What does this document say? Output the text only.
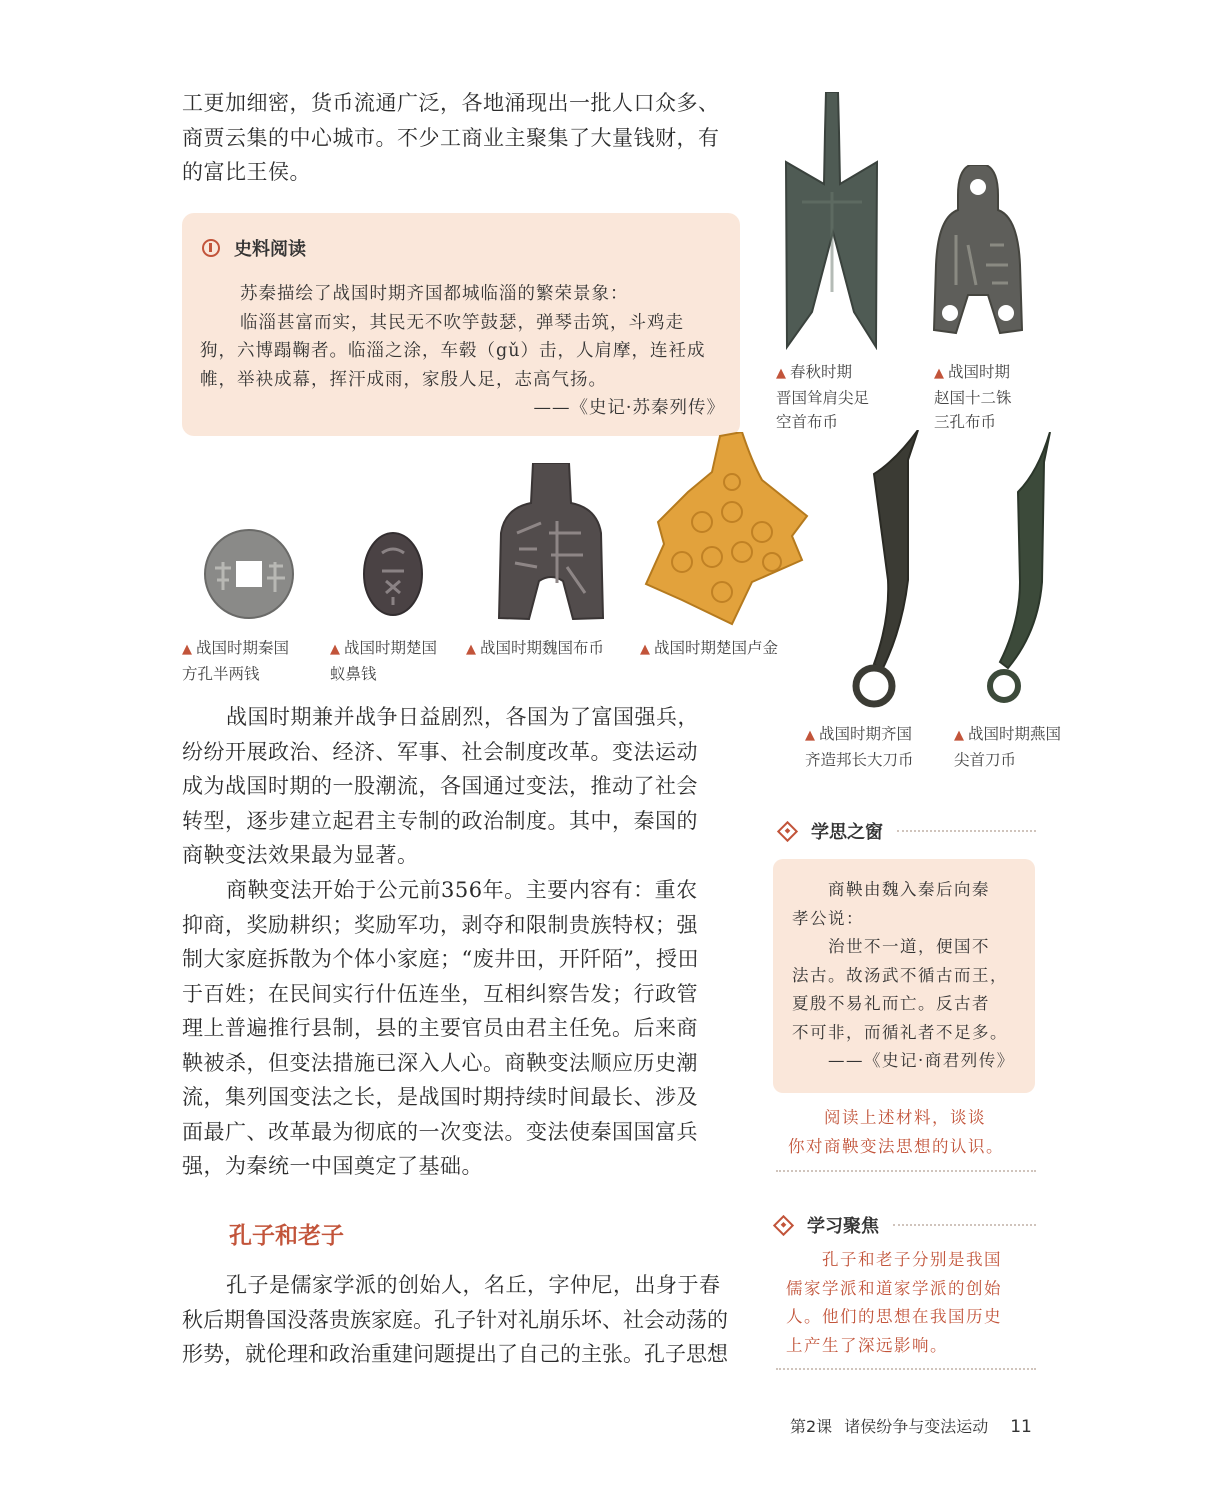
工更加细密，货币流通广泛，各地涌现出一批人口众多、

商贾云集的中心城市。不少工商业主聚集了大量钱财，有

的富比王侯。

史料阅读
苏秦描绘了战国时期齐国都城临淄的繁荣景象：
临淄甚富而实，其民无不吹竽鼓瑟，弹琴击筑，斗鸡走
狗，六博蹋鞠者。临淄之涂，车毂（gǔ）击，人肩摩，连衽成
帷，举袂成幕，挥汗成雨，家殷人足，志高气扬。
——《史记·苏秦列传》
▲ 春秋时期
晋国耸肩尖足
空首布币
▲ 战国时期
赵国十二铢
三孔布币
▲ 战国时期秦国
方孔半两钱
▲ 战国时期楚国
蚁鼻钱
▲ 战国时期魏国布币	▲ 战国时期楚国卢金
▲ 战国时期齐国
齐造邦长大刀币
▲ 战国时期燕国
尖首刀币

战国时期兼并战争日益剧烈，各国为了富国强兵，

纷纷开展政治、经济、军事、社会制度改革。变法运动

成为战国时期的一股潮流，各国通过变法，推动了社会

转型，逐步建立起君主专制的政治制度。其中，秦国的

商鞅变法效果最为显著。

商鞅变法开始于公元前356年。主要内容有：重农

抑商，奖励耕织；奖励军功，剥夺和限制贵族特权；强

制大家庭拆散为个体小家庭；“废井田，开阡陌”，授田

于百姓；在民间实行什伍连坐，互相纠察告发；行政管

理上普遍推行县制，县的主要官员由君主任免。后来商

鞅被杀，但变法措施已深入人心。商鞅变法顺应历史潮

流，集列国变法之长，是战国时期持续时间最长、涉及

面最广、改革最为彻底的一次变法。变法使秦国国富兵

强，为秦统一中国奠定了基础。

孔子和老子

孔子是儒家学派的创始人，名丘，字仲尼，出身于春

秋后期鲁国没落贵族家庭。孔子针对礼崩乐坏、社会动荡的

形势，就伦理和政治重建问题提出了自己的主张。孔子思想

学思之窗
商鞅由魏入秦后向秦
孝公说：
治世不一道，便国不
法古。故汤武不循古而王，
夏殷不易礼而亡。反古者
不可非，而循礼者不足多。
——《史记·商君列传》
阅读上述材料，谈谈
你对商鞅变法思想的认识。
学习聚焦
孔子和老子分别是我国
儒家学派和道家学派的创始
人。他们的思想在我国历史
上产生了深远影响。
第2课 诸侯纷争与变法运动 11
